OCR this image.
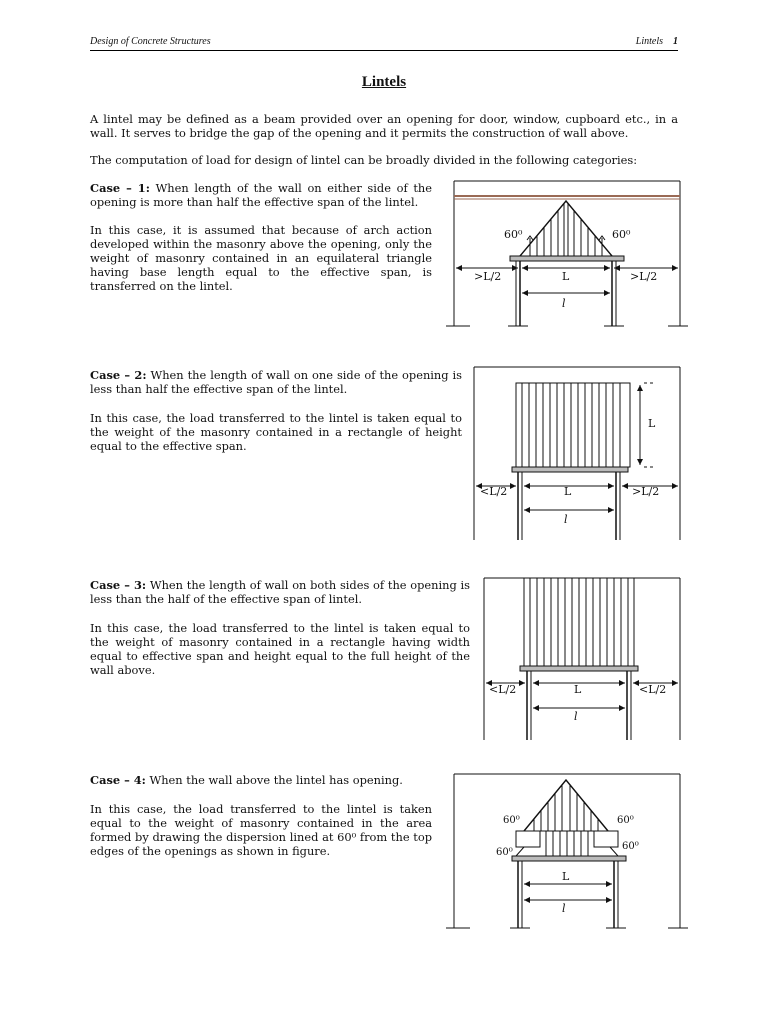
Design of Concrete Structures	Lintels 1
Lintels
A lintel may be defined as a beam provided over an opening for door, window, cupboard etc., in a wall. It serves to bridge the gap of the opening and it permits the construction of wall above.
The computation of load for design of lintel can be broadly divided in the following categories:
Case – 1: When length of the wall on either side of the opening is more than half the effective span of the lintel.
In this case, it is assumed that because of arch action developed within the masonry above the opening, only the weight of masonry contained in an equilateral triangle having base length equal to the effective span, is transferred on the lintel.
Case – 2: When the length of wall on one side of the opening is less than half the effective span of the lintel.
In this case, the load transferred to the lintel is taken equal to the weight of the masonry contained in a rectangle of height equal to the effective span.
Case – 3: When the length of wall on both sides of the opening is less than the half of the effective span of lintel.
In this case, the load transferred to the lintel is taken equal to the weight of masonry contained in a rectangle having width equal to effective span and height equal to the full height of the wall above.
Case – 4: When the wall above the lintel has opening.
In this case, the load transferred to the lintel is taken equal to the weight of masonry contained in the area formed by drawing the dispersion lined at 60⁰ from the top edges of the openings as shown in figure.
60⁰	60⁰
>L/2	L	>L/2
l
L
<L/2	L	>L/2
l
<L/2	L	<L/2
l
60⁰	60⁰
60⁰
60⁰
L
l
